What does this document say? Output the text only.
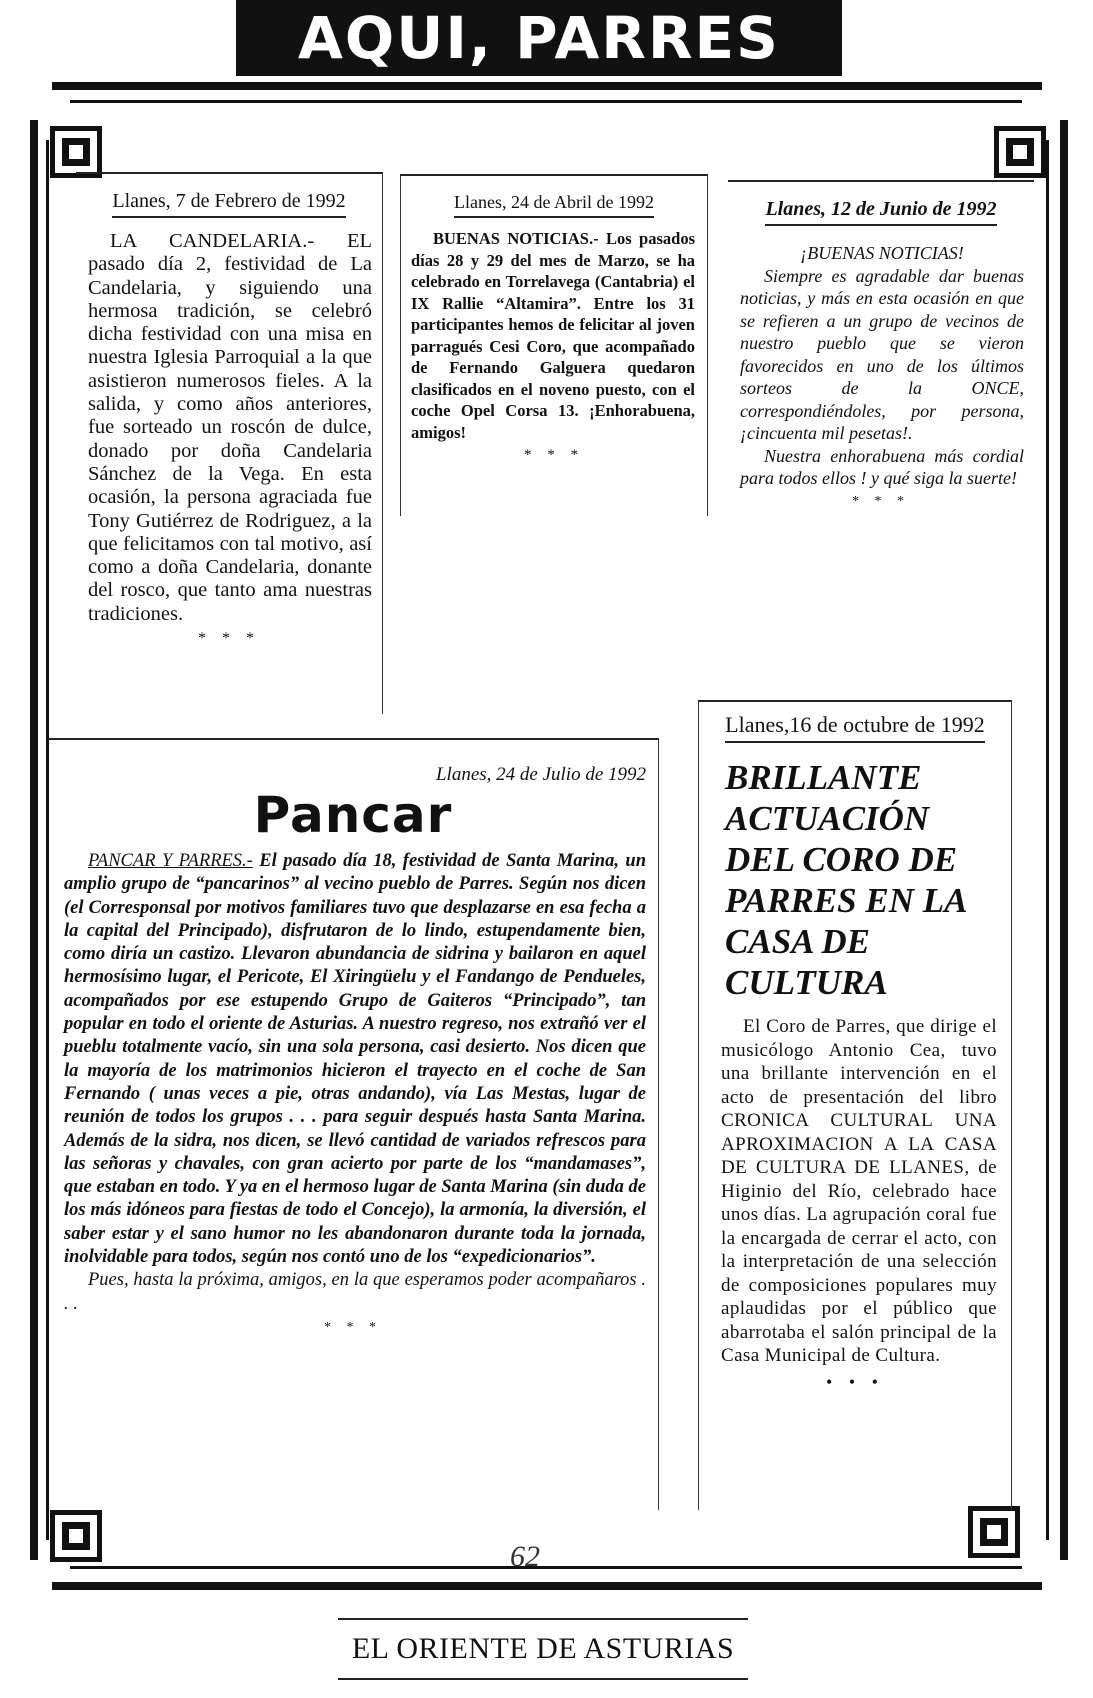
AQUI, PARRES
Llanes, 7 de Febrero de 1992

LA CANDELARIA.- EL pasado día 2, festividad de La Candelaria, y siguiendo una hermosa tradición, se celebró dicha festividad con una misa en nuestra Iglesia Parroquial a la que asistieron numerosos fieles. A la salida, y como años anteriores, fue sorteado un roscón de dulce, donado por doña Candelaria Sánchez de la Vega. En esta ocasión, la persona agraciada fue Tony Gutiérrez de Rodriguez, a la que felicitamos con tal motivo, así como a doña Candelaria, donante del rosco, que tanto ama nuestras tradiciones.

* * *

Llanes, 24 de Abril de 1992

BUENAS NOTICIAS.- Los pasados días 28 y 29 del mes de Marzo, se ha celebrado en Torrelavega (Cantabria) el IX Rallie “Altamira”. Entre los 31 participantes hemos de felicitar al joven parragués Cesi Coro, que acompañado de Fernando Galguera quedaron clasificados en el noveno puesto, con el coche Opel Corsa 13. ¡Enhorabuena, amigos!

* * *

Llanes, 12 de Junio de 1992

¡BUENAS NOTICIAS!

Siempre es agradable dar buenas noticias, y más en esta ocasión en que se refieren a un grupo de vecinos de nuestro pueblo que se vieron favorecidos en uno de los últimos sorteos de la ONCE, correspondiéndoles, por persona, ¡cincuenta mil pesetas!.

Nuestra enhorabuena más cordial para todos ellos ! y qué siga la suerte!

* * *

Llanes, 24 de Julio de 1992

Pancar

PANCAR Y PARRES.- El pasado día 18, festividad de Santa Marina, un amplio grupo de “pancarinos” al vecino pueblo de Parres. Según nos dicen (el Corresponsal por motivos familiares tuvo que desplazarse en esa fecha a la capital del Principado), disfrutaron de lo lindo, estupendamente bien, como diría un castizo. Llevaron abundancia de sidrina y bailaron en aquel hermosísimo lugar, el Pericote, El Xiringüelu y el Fandango de Pendueles, acompañados por ese estupendo Grupo de Gaiteros “Principado”, tan popular en todo el oriente de Asturias. A nuestro regreso, nos extrañó ver el pueblu totalmente vacío, sin una sola persona, casi desierto. Nos dicen que la mayoría de los matrimonios hicieron el trayecto en el coche de San Fernando ( unas veces a pie, otras andando), vía Las Mestas, lugar de reunión de todos los grupos . . . para seguir después hasta Santa Marina. Además de la sidra, nos dicen, se llevó cantidad de variados refrescos para las señoras y chavales, con gran acierto por parte de los “mandamases”, que estaban en todo. Y ya en el hermoso lugar de Santa Marina (sin duda de los más idóneos para fiestas de todo el Concejo), la armonía, la diversión, el saber estar y el sano humor no les abandonaron durante toda la jornada, inolvidable para todos, según nos contó uno de los “expedicionarios”.

Pues, hasta la próxima, amigos, en la que esperamos poder acompañaros . . .

* * *

Llanes,16 de octubre de 1992

BRILLANTE ACTUACIÓN DEL CORO DE PARRES EN LA CASA DE CULTURA

El Coro de Parres, que dirige el musicólogo Antonio Cea, tuvo una brillante intervención en el acto de presentación del libro CRONICA CULTURAL UNA APROXIMACION A LA CASA DE CULTURA DE LLANES, de Higinio del Río, celebrado hace unos días. La agrupación coral fue la encargada de cerrar el acto, con la interpretación de una selección de composiciones populares muy aplaudidas por el público que abarrotaba el salón principal de la Casa Municipal de Cultura.

• • •

62
EL ORIENTE DE ASTURIAS
